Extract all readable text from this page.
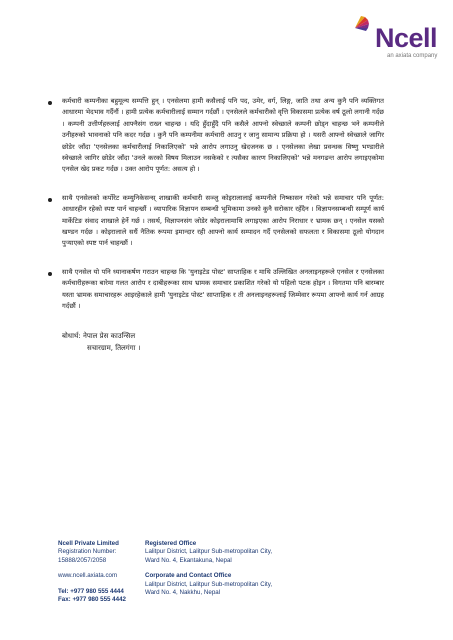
Ncell
an axiata company

कर्मचारी कम्पनीका बहुमूल्य सम्पत्ति हुन् । एनसेलमा हामी कसैलाई पनि पद, उमेर, वर्ग, लिङ्ग, जाति तथा अन्य कुनै पनि व्यक्तिगत आधारमा भेदभाव गर्दैनौं । हामी प्रत्येक कर्मचारीलाई सम्मान गर्दछौं । एनसेलले कर्मचारीको वृत्ति विकासमा प्रत्येक वर्ष ठूलो लगानी गर्दछ । कम्पनी उत्तीर्णहरुलाई आफ्नैसंग राख्न चाहन्छ । यदि हुँदाहुँदै पनि कसैले आफ्नो स्वेच्छाले कम्पनी छोड्न चाहन्छ भने कम्पनीले उनीहरुको भावनाको पनि कदर गर्दछ । कुनै पनि कम्पनीमा कर्मचारी आउनु र जानु सामान्य प्रक्रिया हो । यसरी आफ्नो स्वेच्छाले जागिर छोडेर जाँदा 'एनसेलका कर्मचारीलाई निकालिएको' भन्ने आरोप लगाउनु खेदजनक छ । एनसेलका लेखा प्रवन्धक विष्णु भण्डारीले स्वेच्छाले जागिर छोडेर जाँदा 'उनले करको विषय मिलाउन नसकेको र त्यसैका कारण निकालिएको' भन्ने मनगढन्त आरोप लगाइएकोमा एनसेल खेद प्रकट गर्दछ । उक्त आरोप पूर्णत: असत्य हो ।

साथै एनसेलको कर्पोरेट कम्युनिकेसन्स् शाखाकी कर्मचारी सञ्जु कोइरालालाई कम्पनीले निष्कासन गरेको भन्ने समाचार पनि पूर्णत: आधारहीन रहेको स्पष्ट पार्न चाहन्छौं । व्यापारिक विज्ञापन सम्बन्धी भूमिकामा उनको कुनै सरोकार रहँदैन । विज्ञापनसम्बन्धी सम्पूर्ण कार्य मार्केटिङ संवाद शाखाले हेर्ने गर्छ । तसर्थ, विज्ञापनसंग जोडेर कोइरालामाथि लगाइएका आरोप निराधार र भ्रामक छन् । एनसेल यसको खण्डन गर्दछ । कोइरालाले सधैं नैतिक रूपमा इमान्दार रही आफ्नो कार्य सम्पादन गर्दै एनसेलको सफलता र विकासमा ठूलो योगदान पुर्‍याएको स्पष्ट पार्न चाहन्छौं ।

साथै एनसेल यो पनि ध्यानाकर्षण गराउन चाहन्छ कि 'युनाइटेड पोस्ट' साप्ताहिक र माथि उल्लिखित अनलाइनहरूले एनसेल र एनसेलका कर्मचारीहरूका बारेमा गलत आरोप र दाबीहरूका साथ भ्रामक समाचार प्रकाशित गरेको यो पहिलो पटक होइन । विगतमा पनि बारम्बार यस्ता भ्रामक समाचारहरू आइरहेकाले हामी 'युनाइटेड पोस्ट' साप्ताहिक र ती अनलाइनहरूलाई जिम्मेवार रूपमा आफ्नो कार्य गर्न आग्रह गर्दछौं ।

बोधार्थ: नेपाल प्रेस काउन्सिल
सचारग्राम, तिलगंगा ।
Ncell Private Limited
Registration Number:
15888/2057/2058
www.ncell.axiata.com
Tel: +977 980 555 4444
Fax: +977 980 555 4442
Registered Office
Lalitpur District, Lalitpur Sub-metropolitan City,
Ward No. 4, Ekantakuna, Nepal
Corporate and Contact Office
Lalitpur District, Lalitpur Sub-metropolitan City,
Ward No. 4, Nakkhu, Nepal
